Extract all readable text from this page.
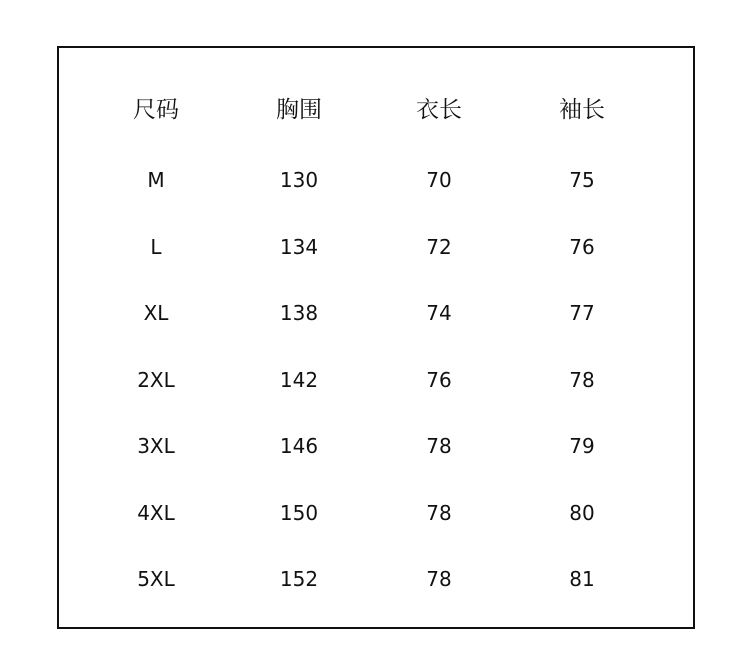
尺码	胸围	衣长	袖长
M	130	70	75
L	134	72	76
XL	138	74	77
2XL	142	76	78
3XL	146	78	79
4XL	150	78	80
5XL	152	78	81
